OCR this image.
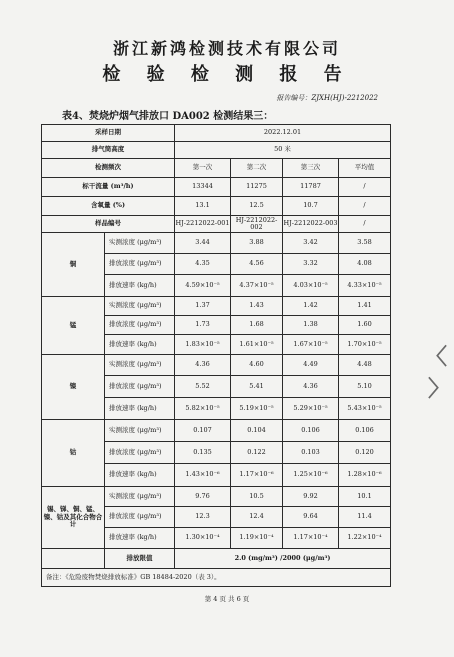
浙江新鸿检测技术有限公司
检 验 检 测 报 告
报告编号：ZJXH(HJ)-2212022
表4、焚烧炉烟气排放口 DA002 检测结果三：
采样日期		2022.12.01			
排气筒高度		50 米			
检测频次		第一次	第二次	第三次	平均值
标干流量 (m³/h)		13344	11275	11787	/
含氧量 (%)		13.1	12.5	10.7	/
样品编号		HJ-2212022-001	HJ-2212022-002	HJ-2212022-003	/
铜	实测浓度 (μg/m³)	3.44	3.88	3.42	3.58
	排放浓度 (μg/m³)	4.35	4.56	3.32	4.08
	排放速率 (kg/h)	4.59×10⁻⁵	4.37×10⁻⁵	4.03×10⁻⁵	4.33×10⁻⁵
锰	实测浓度 (μg/m³)	1.37	1.43	1.42	1.41
	排放浓度 (μg/m³)	1.73	1.68	1.38	1.60
	排放速率 (kg/h)	1.83×10⁻⁵	1.61×10⁻⁵	1.67×10⁻⁵	1.70×10⁻⁵
镍	实测浓度 (μg/m³)	4.36	4.60	4.49	4.48
	排放浓度 (μg/m³)	5.52	5.41	4.36	5.10
	排放速率 (kg/h)	5.82×10⁻⁵	5.19×10⁻⁵	5.29×10⁻⁵	5.43×10⁻⁵
钴	实测浓度 (μg/m³)	0.107	0.104	0.106	0.106
	排放浓度 (μg/m³)	0.135	0.122	0.103	0.120
	排放速率 (kg/h)	1.43×10⁻⁶	1.17×10⁻⁶	1.25×10⁻⁶	1.28×10⁻⁶
锡、锑、铜、锰、镍、钴及其化合物合计	实测浓度 (μg/m³)	9.76	10.5	9.92	10.1
	排放浓度 (μg/m³)	12.3	12.4	9.64	11.4
	排放速率 (kg/h)	1.30×10⁻⁴	1.19×10⁻⁴	1.17×10⁻⁴	1.22×10⁻⁴
	排放限值	2.0 (mg/m³) /2000 (μg/m³)			
备注：《危险废物焚烧排放标准》GB 18484-2020（表 3）。					
第 4 页 共 6 页
〈
〉
